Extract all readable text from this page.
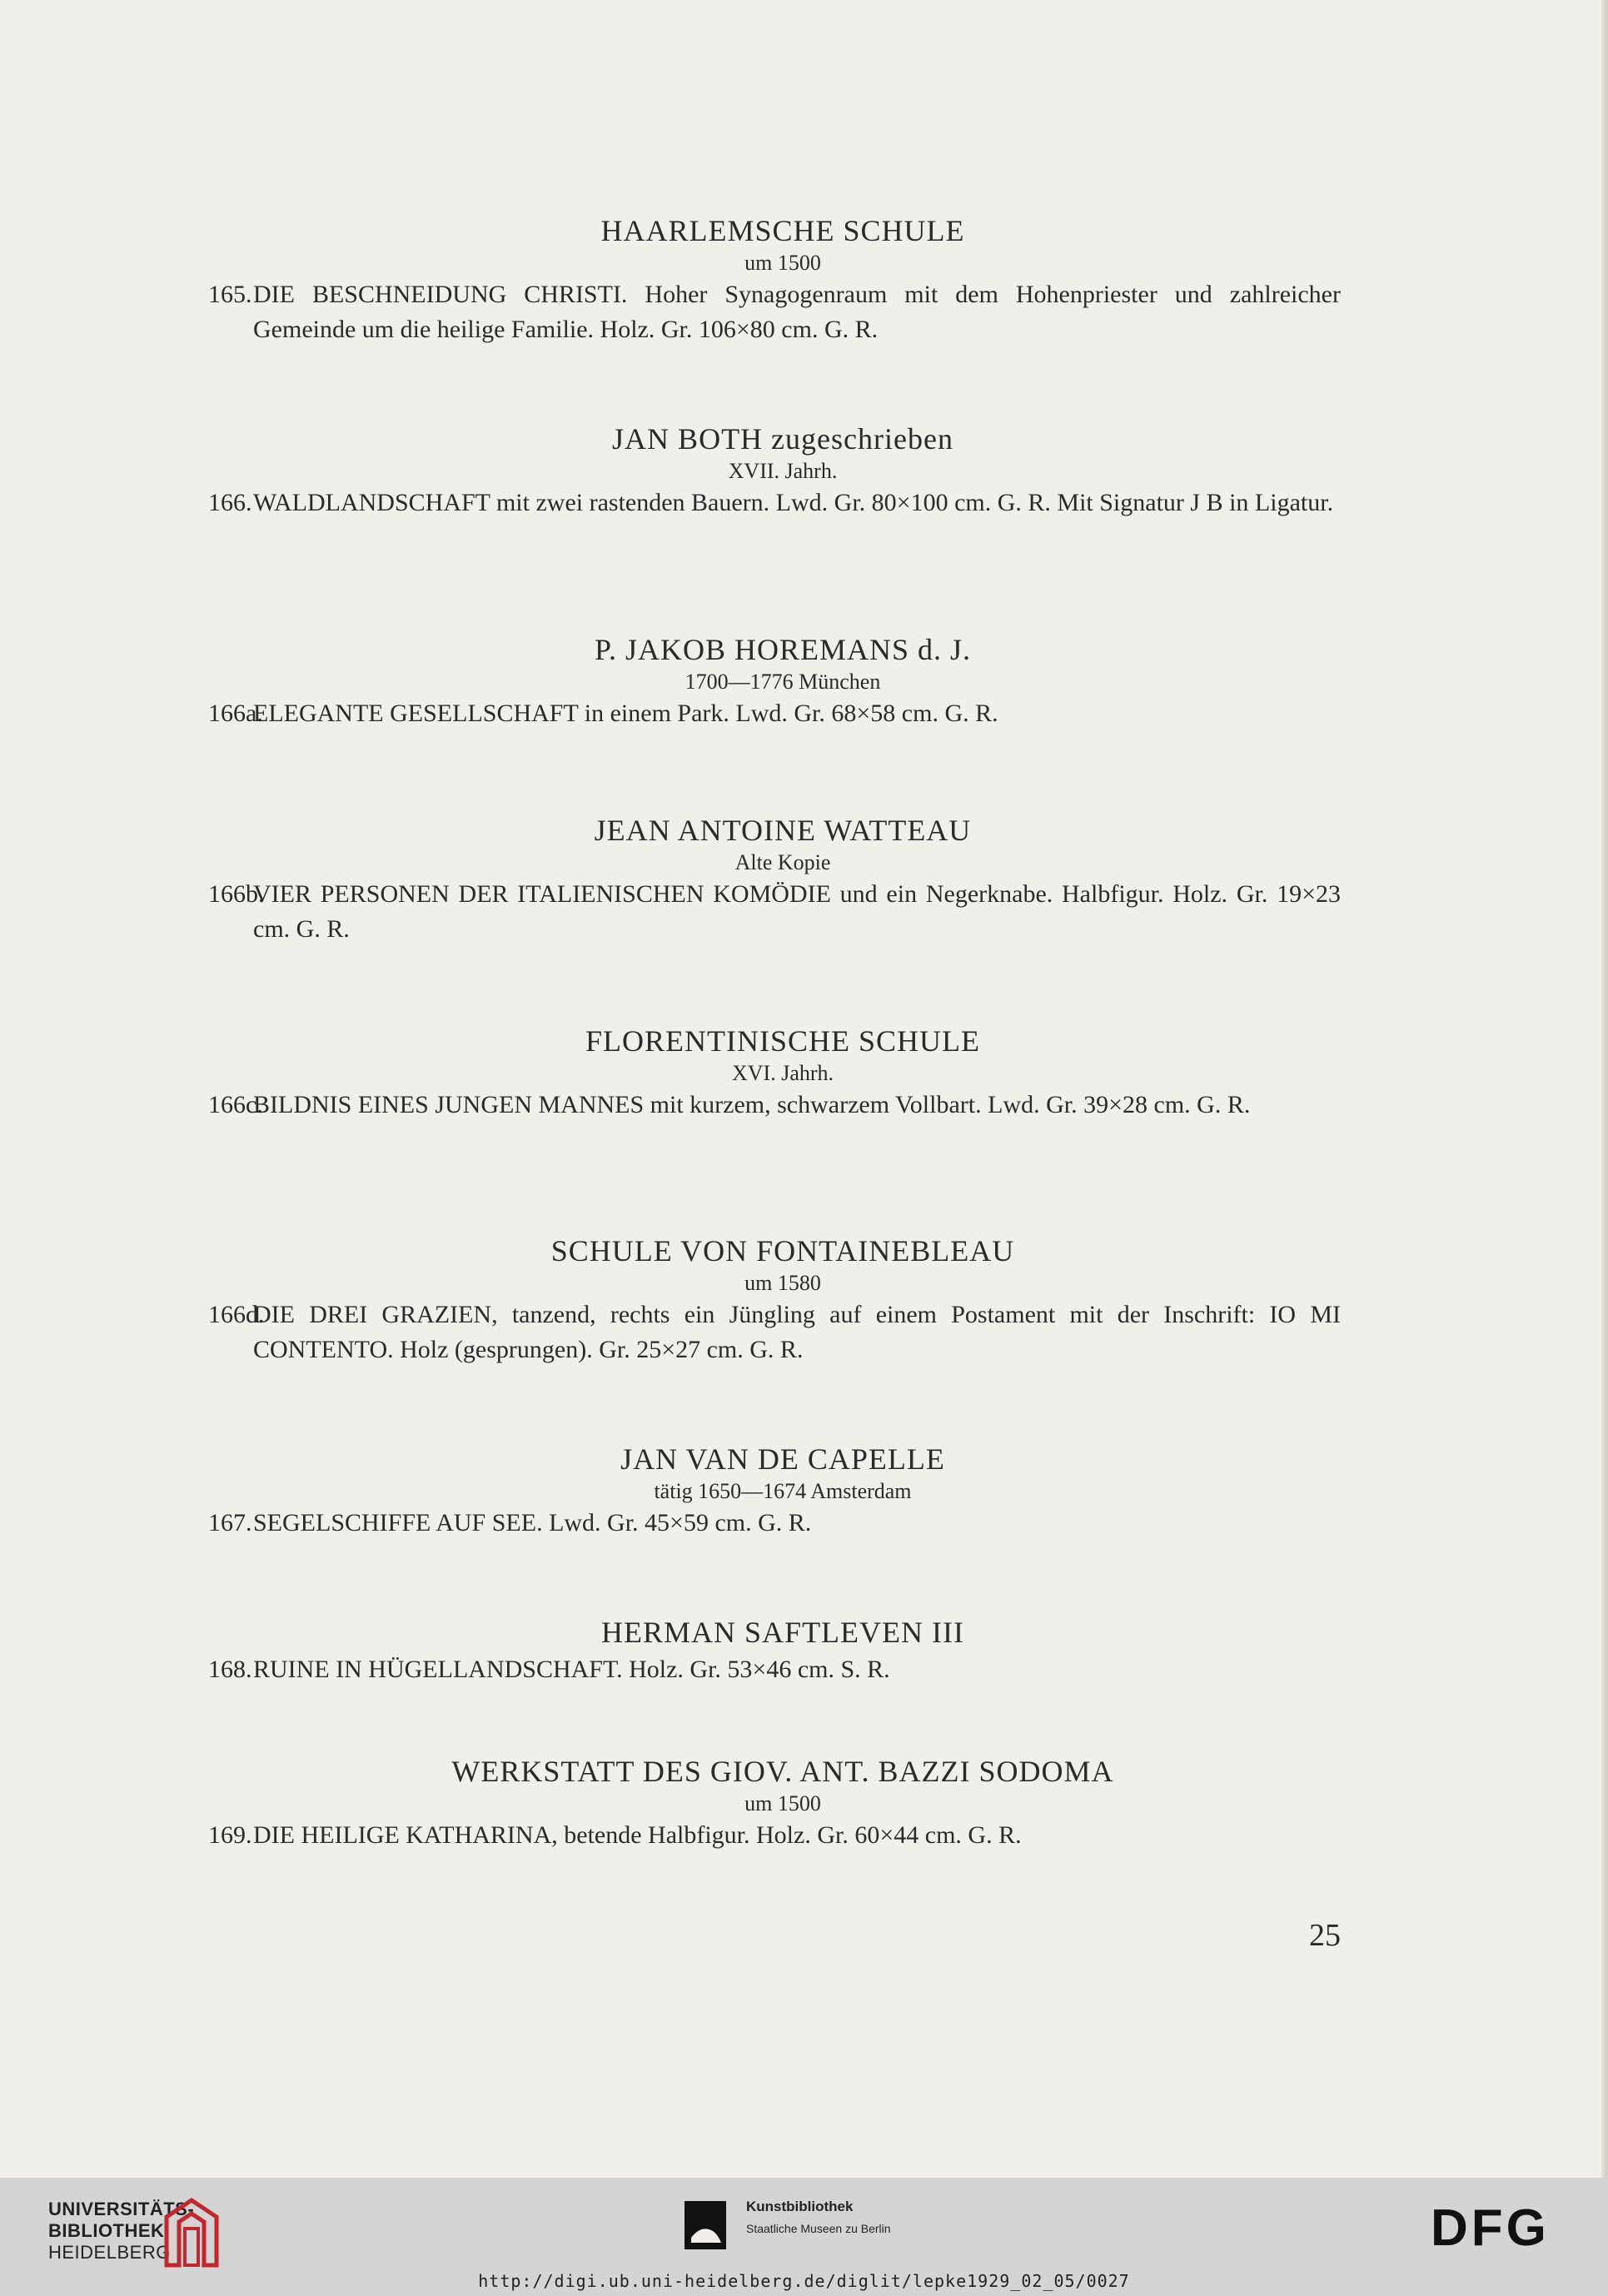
HAARLEMSCHE SCHULE

um 1500

165. DIE BESCHNEIDUNG CHRISTI. Hoher Synagogenraum mit dem Hohenpriester und zahlreicher Gemeinde um die heilige Familie. Holz. Gr. 106×80 cm. G. R.

JAN BOTH zugeschrieben

XVII. Jahrh.

166. WALDLANDSCHAFT mit zwei rastenden Bauern. Lwd. Gr. 80×100 cm. G. R. Mit Signatur J B in Ligatur.

P. JAKOB HOREMANS d. J.

1700—1776 München

166a.
ELEGANTE GESELLSCHAFT in einem Park. Lwd. Gr. 68×58 cm. G. R.

JEAN ANTOINE WATTEAU

Alte Kopie

166b.
VIER PERSONEN DER ITALIENISCHEN KOMÖDIE und ein Negerknabe. Halbfigur. Holz. Gr. 19×23 cm. G. R.

FLORENTINISCHE SCHULE

XVI. Jahrh.

166c.
BILDNIS EINES JUNGEN MANNES mit kurzem, schwarzem Vollbart. Lwd. Gr. 39×28 cm. G. R.

SCHULE VON FONTAINEBLEAU

um 1580

166d.
DIE DREI GRAZIEN, tanzend, rechts ein Jüngling auf einem Postament mit der Inschrift: IO MI CONTENTO. Holz (gesprungen). Gr. 25×27 cm. G. R.

JAN VAN DE CAPELLE

tätig 1650—1674 Amsterdam

167. SEGELSCHIFFE AUF SEE. Lwd. Gr. 45×59 cm. G. R.

HERMAN SAFTLEVEN III

168. RUINE IN HÜGELLANDSCHAFT. Holz. Gr. 53×46 cm. S. R.

WERKSTATT DES GIOV. ANT. BAZZI SODOMA

um 1500

169. DIE HEILIGE KATHARINA, betende Halbfigur. Holz. Gr. 60×44 cm. G. R.

25
UNIVERSITÄTS-
BIBLIOTHEK
HEIDELBERG
Kunstbibliothek
Staatliche Museen zu Berlin	DFG
http://digi.ub.uni-heidelberg.de/diglit/lepke1929_02_05/0027
